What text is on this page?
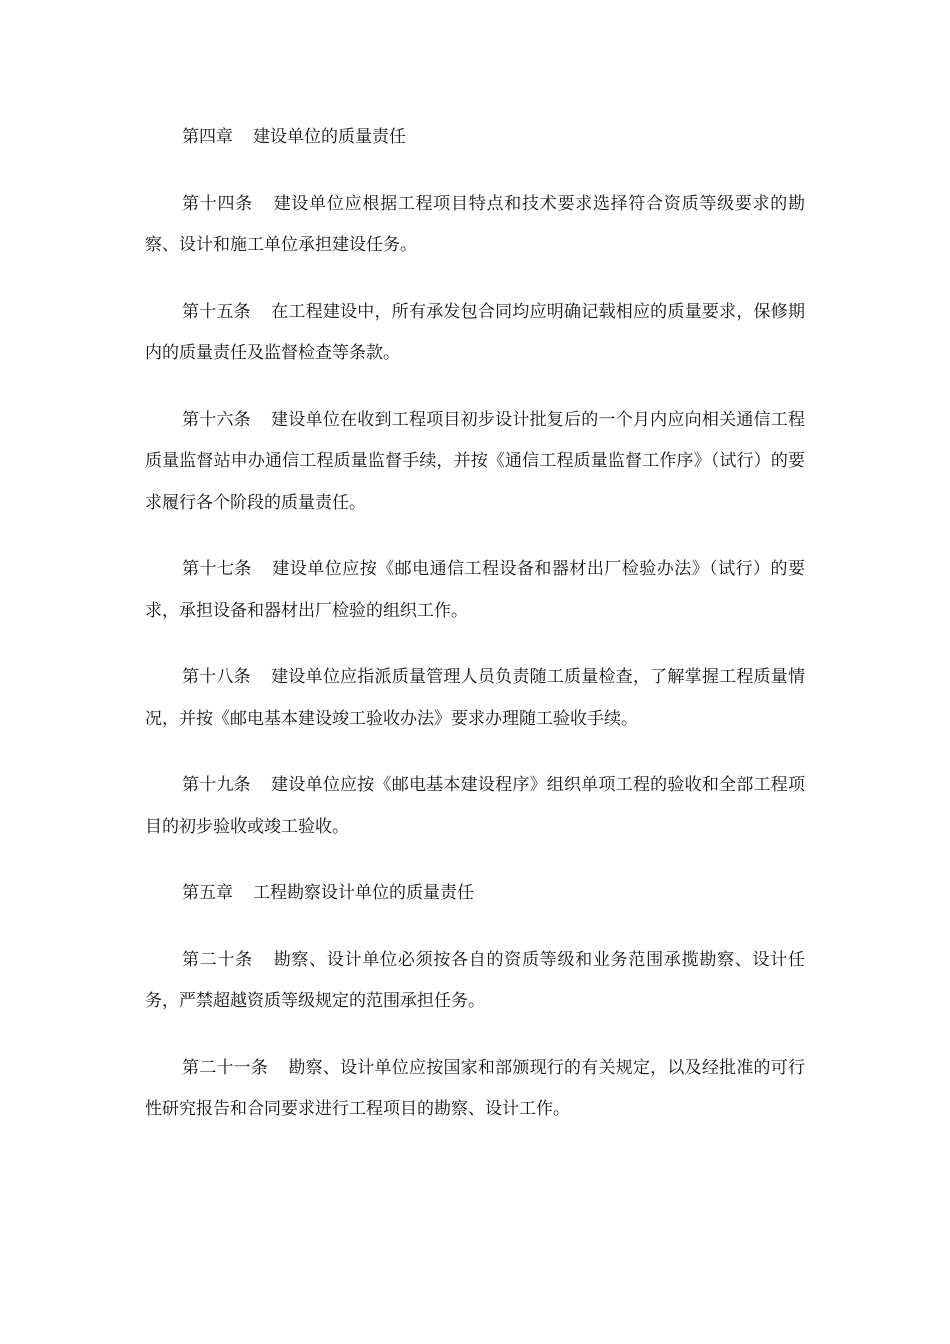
第四章 建设单位的质量责任

第十四条 建设单位应根据工程项目特点和技术要求选择符合资质等级要求的勘察、设计和施工单位承担建设任务。

第十五条 在工程建设中，所有承发包合同均应明确记载相应的质量要求，保修期内的质量责任及监督检查等条款。

第十六条 建设单位在收到工程项目初步设计批复后的一个月内应向相关通信工程质量监督站申办通信工程质量监督手续，并按《通信工程质量监督工作序》（试行）的要求履行各个阶段的质量责任。

第十七条 建设单位应按《邮电通信工程设备和器材出厂检验办法》（试行）的要求，承担设备和器材出厂检验的组织工作。

第十八条 建设单位应指派质量管理人员负责随工质量检查，了解掌握工程质量情况，并按《邮电基本建设竣工验收办法》要求办理随工验收手续。

第十九条 建设单位应按《邮电基本建设程序》组织单项工程的验收和全部工程项目的初步验收或竣工验收。

第五章 工程勘察设计单位的质量责任

第二十条 勘察、设计单位必须按各自的资质等级和业务范围承揽勘察、设计任务，严禁超越资质等级规定的范围承担任务。

第二十一条 勘察、设计单位应按国家和部颁现行的有关规定，以及经批准的可行性研究报告和合同要求进行工程项目的勘察、设计工作。
